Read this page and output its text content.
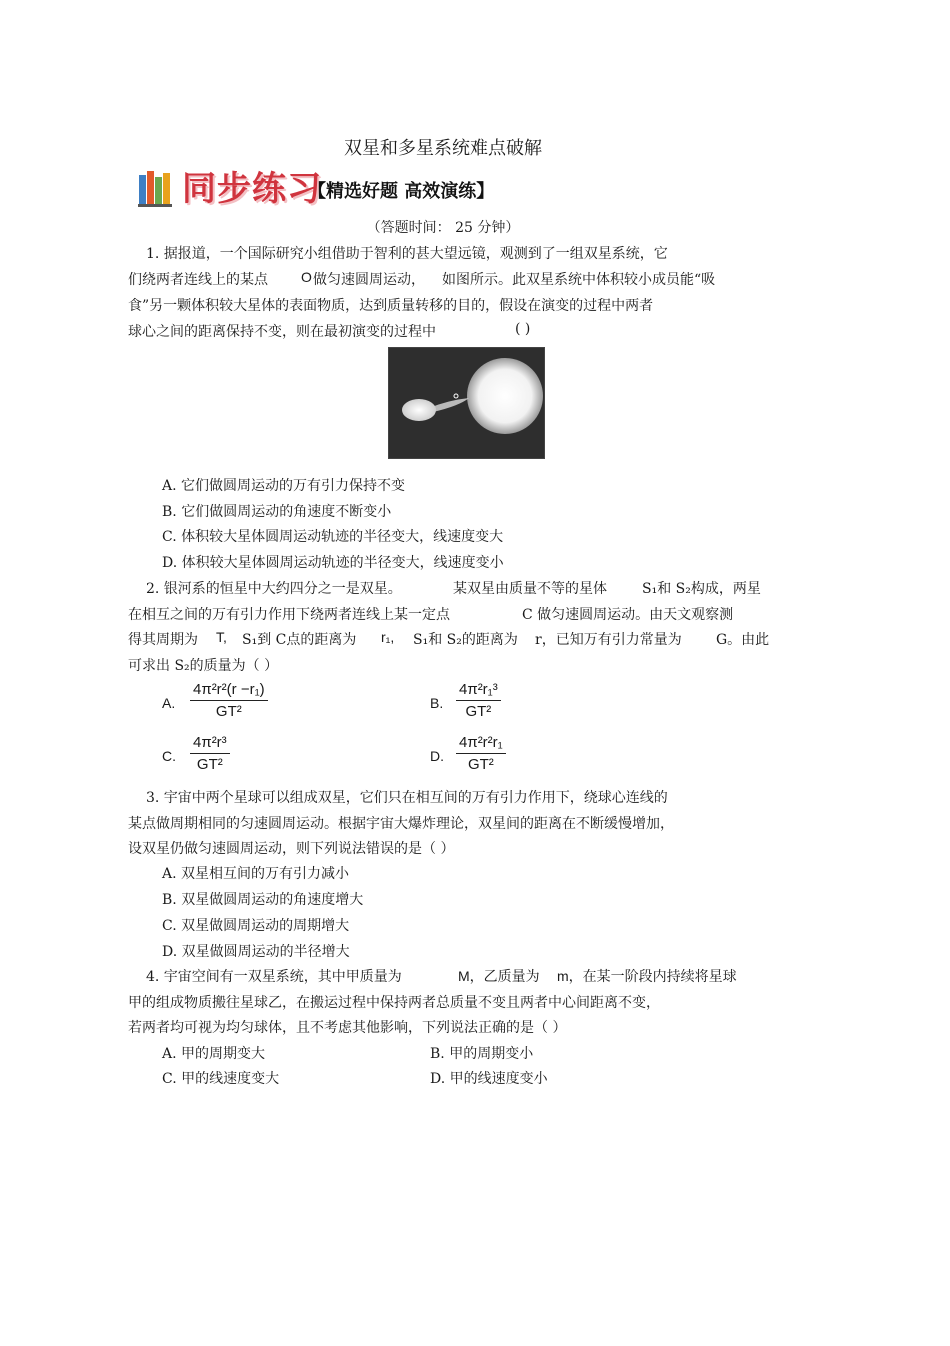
双星和多星系统难点破解
同步练习
【精选好题 高效演练】
（答题时间： 25 分钟）
1. 据报道，一个国际研究小组借助于智利的甚大望远镜，观测到了一组双星系统，它
们绕两者连线上的某点 O 做匀速圆周运动， 如图所示。此双星系统中体积较小成员能“吸
食”另一颗体积较大星体的表面物质，达到质量转移的目的，假设在演变的过程中两者
球心之间的距离保持不变，则在最初演变的过程中	( )
A. 它们做圆周运动的万有引力保持不变
B. 它们做圆周运动的角速度不断变小
C. 体积较大星体圆周运动轨迹的半径变大，线速度变大
D. 体积较大星体圆周运动轨迹的半径变大，线速度变小
2. 银河系的恒星中大约四分之一是双星。	某双星由质量不等的星体	S₁和 S₂构成，两星
在相互之间的万有引力作用下绕两者连线上某一定点	C 做匀速圆周运动。由天文观察测
得其周期为 T, S₁到 C点的距离为 r₁, S₁和 S₂的距离为 r，已知万有引力常量为 G。由此
可求出 S₂的质量为（ ）
A. $\frac{\text{4π²r²(r −r₁)}}{\text{GT²}}$	B. $\frac{\text{4π²r₁³}}{\text{GT²}}$
C. $\frac{\text{4π²r³}}{\text{GT²}}$	D. $\frac{\text{4π²r²r₁}}{\text{GT²}}$
3. 宇宙中两个星球可以组成双星，它们只在相互间的万有引力作用下，绕球心连线的
某点做周期相同的匀速圆周运动。根据宇宙大爆炸理论，双星间的距离在不断缓慢增加，
设双星仍做匀速圆周运动，则下列说法错误的是（ ）
A. 双星相互间的万有引力减小
B. 双星做圆周运动的角速度增大
C. 双星做圆周运动的周期增大
D. 双星做圆周运动的半径增大
4. 宇宙空间有一双星系统，其中甲质量为	M，乙质量为 m，在某一阶段内持续将星球
甲的组成物质搬往星球乙，在搬运过程中保持两者总质量不变且两者中心间距离不变，
若两者均可视为均匀球体，且不考虑其他影响，下列说法正确的是（ ）
A. 甲的周期变大	B. 甲的周期变小
C. 甲的线速度变大	D. 甲的线速度变小
